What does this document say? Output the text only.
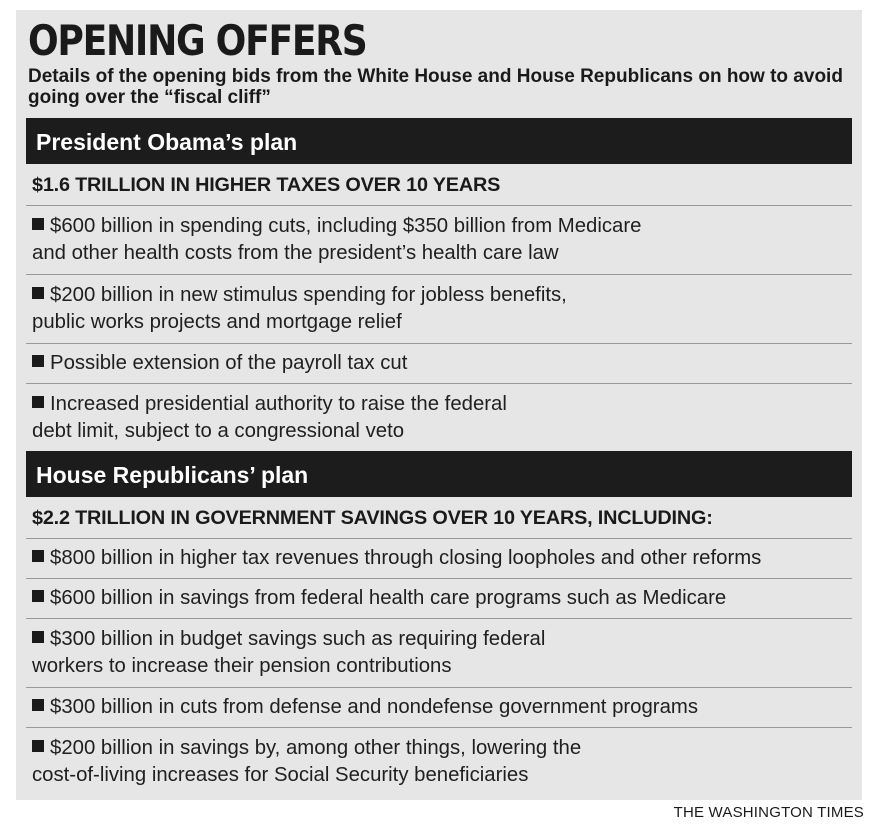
OPENING OFFERS
Details of the opening bids from the White House and House Republicans on how to avoid going over the “fiscal cliff”
President Obama’s plan
$1.6 TRILLION IN HIGHER TAXES OVER 10 YEARS
$600 billion in spending cuts, including $350 billion from Medicare
and other health costs from the president’s health care law
$200 billion in new stimulus spending for jobless benefits,
public works projects and mortgage relief
Possible extension of the payroll tax cut
Increased presidential authority to raise the federal
debt limit, subject to a congressional veto
House Republicans’ plan
$2.2 TRILLION IN GOVERNMENT SAVINGS OVER 10 YEARS, INCLUDING:
$800 billion in higher tax revenues through closing loopholes and other reforms
$600 billion in savings from federal health care programs such as Medicare
$300 billion in budget savings such as requiring federal
workers to increase their pension contributions
$300 billion in cuts from defense and nondefense government programs
$200 billion in savings by, among other things, lowering the
cost-of-living increases for Social Security beneficiaries
THE WASHINGTON TIMES
